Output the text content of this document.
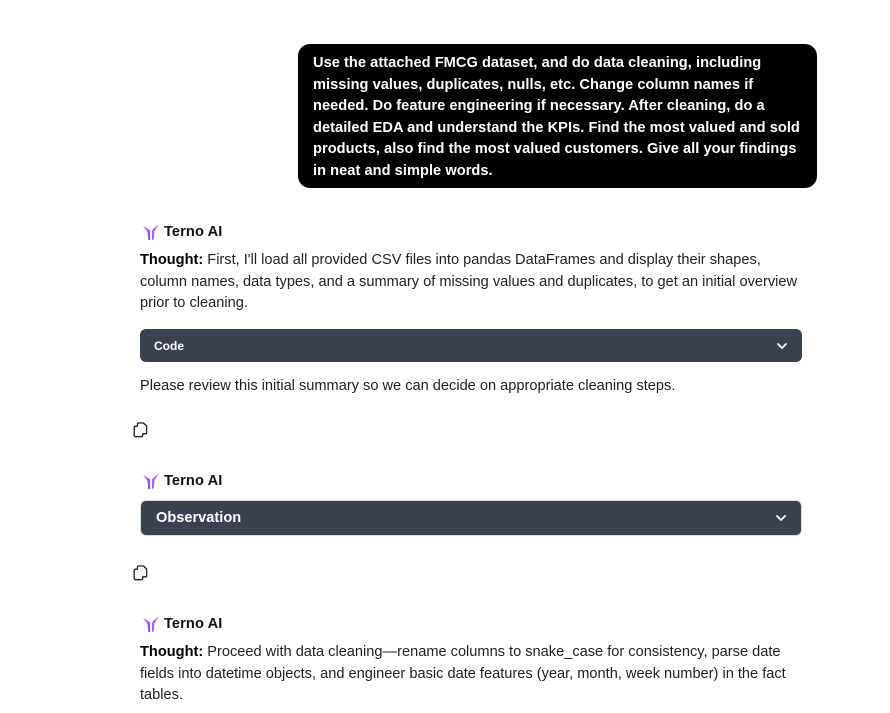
Use the attached FMCG dataset, and do data cleaning, including missing values, duplicates, nulls, etc. Change column names if needed. Do feature engineering if necessary. After cleaning, do a detailed EDA and understand the KPIs. Find the most valued and sold products, also find the most valued customers. Give all your findings in neat and simple words.
Terno AI
Thought: First, I'll load all provided CSV files into pandas DataFrames and display their shapes, column names, data types, and a summary of missing values and duplicates, to get an initial overview prior to cleaning.
Code
Please review this initial summary so we can decide on appropriate cleaning steps.
Terno AI
Observation
Terno AI
Thought: Proceed with data cleaning—rename columns to snake_case for consistency, parse date fields into datetime objects, and engineer basic date features (year, month, week number) in the fact tables.
